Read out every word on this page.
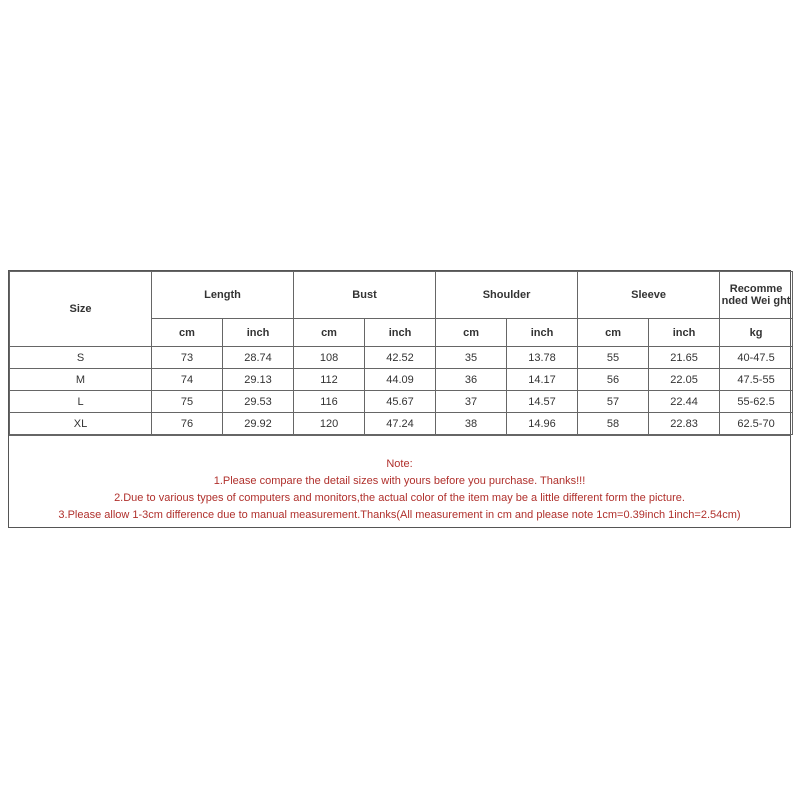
Size	Length		Bust		Shoulder		Sleeve		Recomme nded Wei ght
	cm	inch	cm	inch	cm	inch	cm	inch	kg
S	73	28.74	108	42.52	35	13.78	55	21.65	40-47.5
M	74	29.13	112	44.09	36	14.17	56	22.05	47.5-55
L	75	29.53	116	45.67	37	14.57	57	22.44	55-62.5
XL	76	29.92	120	47.24	38	14.96	58	22.83	62.5-70
Note:
1.Please compare the detail sizes with yours before you purchase. Thanks!!!
2.Due to various types of computers and monitors,the actual color of the item may be a little different form the picture.
3.Please allow 1-3cm difference due to manual measurement.Thanks(All measurement in cm and please note 1cm=0.39inch 1inch=2.54cm)
